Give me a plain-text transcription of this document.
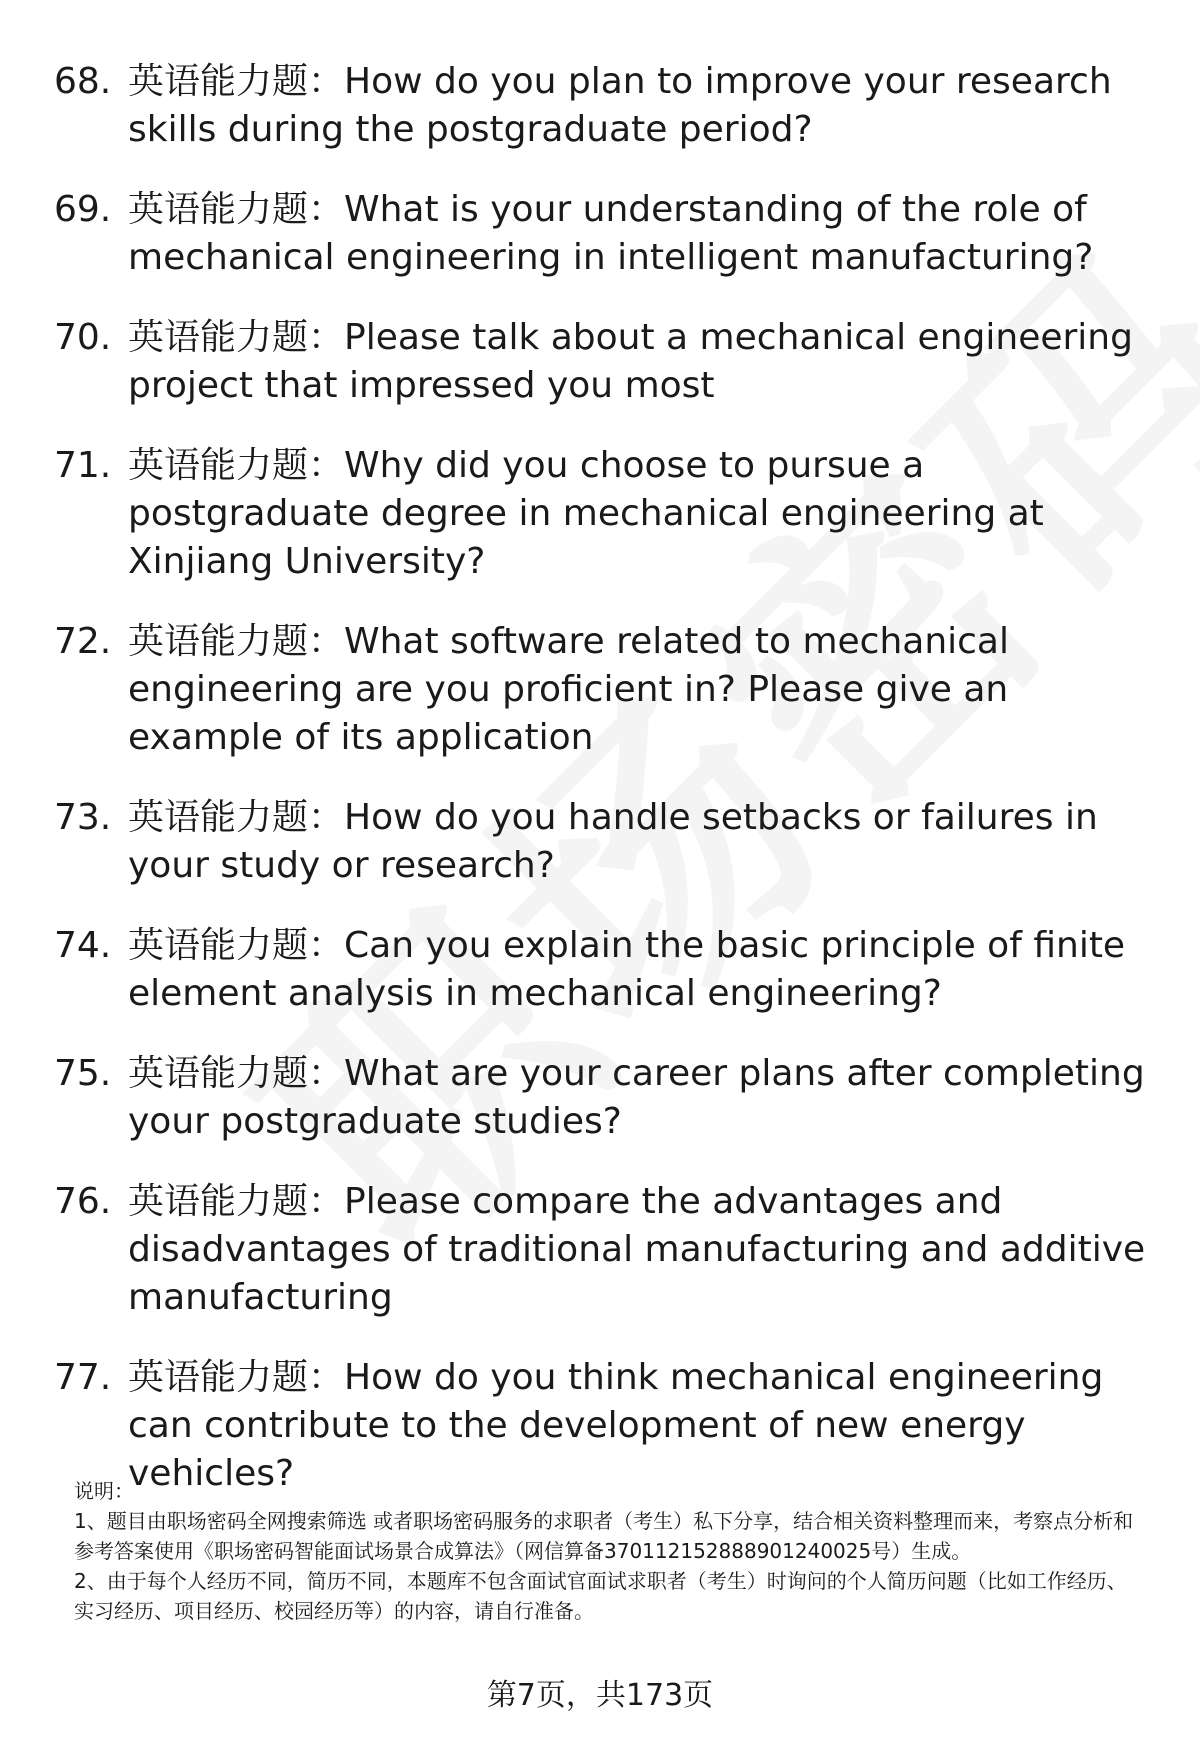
68. 英语能力题：How do you plan to improve your research skills during the postgraduate period?
69. 英语能力题：What is your understanding of the role of mechanical engineering in intelligent manufacturing?
70. 英语能力题：Please talk about a mechanical engineering project that impressed you most
71. 英语能力题：Why did you choose to pursue a postgraduate degree in mechanical engineering at Xinjiang University?
72. 英语能力题：What software related to mechanical engineering are you proficient in? Please give an example of its application
73. 英语能力题：How do you handle setbacks or failures in your study or research?
74. 英语能力题：Can you explain the basic principle of finite element analysis in mechanical engineering?
75. 英语能力题：What are your career plans after completing your postgraduate studies?
76. 英语能力题：Please compare the advantages and disadvantages of traditional manufacturing and additive manufacturing
77. 英语能力题：How do you think mechanical engineering can contribute to the development of new energy vehicles?

说明：

1、题目由职场密码全网搜索筛选 或者职场密码服务的求职者（考生）私下分享，结合相关资料整理而来，考察点分析和参考答案使用《职场密码智能面试场景合成算法》（网信算备370112152888901240025号）生成。

2、由于每个人经历不同，简历不同，本题库不包含面试官面试求职者（考生）时询问的个人简历问题（比如工作经历、实习经历、项目经历、校园经历等）的内容，请自行准备。

第7页，共173页
